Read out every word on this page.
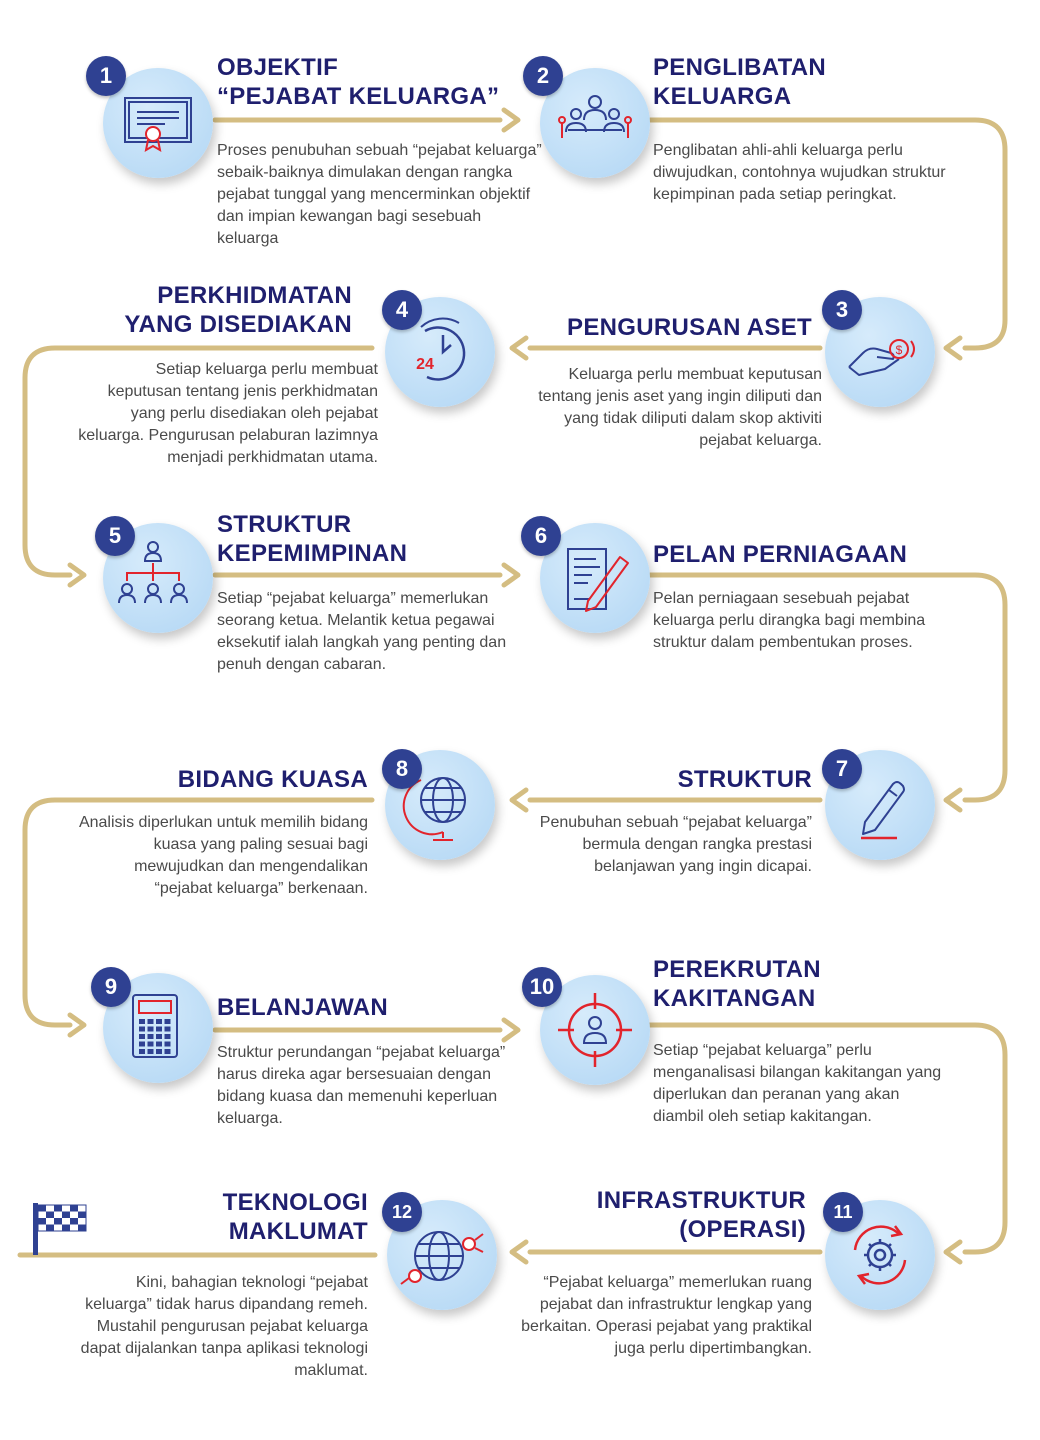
1	OBJEKTIF
“PEJABAT KELUARGA”
Proses penubuhan sebuah “pejabat keluarga” sebaik-baiknya dimulakan dengan rangka pejabat tunggal yang mencerminkan objektif dan impian kewangan bagi sesebuah keluarga
2	PENGLIBATAN
KELUARGA
Penglibatan ahli-ahli keluarga perlu diwujudkan, contohnya wujudkan struktur kepimpinan pada setiap peringkat.
$
3
PENGURUSAN ASET
Keluarga perlu membuat keputusan tentang jenis aset yang ingin diliputi dan yang tidak diliputi dalam skop aktiviti pejabat keluarga.
24
4
PERKHIDMATAN
YANG DISEDIAKAN
Setiap keluarga perlu membuat keputusan tentang jenis perkhidmatan yang perlu disediakan oleh pejabat keluarga. Pengurusan pelaburan lazimnya menjadi perkhidmatan utama.
5	STRUKTUR
KEPEMIMPINAN
Setiap “pejabat keluarga” memerlukan seorang ketua. Melantik ketua pegawai eksekutif ialah langkah yang penting dan penuh dengan cabaran.
6
PELAN PERNIAGAAN
Pelan perniagaan sesebuah pejabat keluarga perlu dirangka bagi membina struktur dalam pembentukan proses.
7
STRUKTUR
Penubuhan sebuah “pejabat keluarga” bermula dengan rangka prestasi belanjawan yang ingin dicapai.
8
BIDANG KUASA
Analisis diperlukan untuk memilih bidang kuasa yang paling sesuai bagi mewujudkan dan mengendalikan “pejabat keluarga” berkenaan.
9
BELANJAWAN
Struktur perundangan “pejabat keluarga” harus direka agar bersesuaian dengan bidang kuasa dan memenuhi keperluan keluarga.
10
PEREKRUTAN
KAKITANGAN
Setiap “pejabat keluarga” perlu menganalisasi bilangan kakitangan yang diperlukan dan peranan yang akan diambil oleh setiap kakitangan.
11
INFRASTRUKTUR
(OPERASI)
“Pejabat keluarga” memerlukan ruang pejabat dan infrastruktur lengkap yang berkaitan. Operasi pejabat yang praktikal juga perlu dipertimbangkan.
12
TEKNOLOGI
MAKLUMAT
Kini, bahagian teknologi “pejabat keluarga” tidak harus dipandang remeh. Mustahil pengurusan pejabat keluarga dapat dijalankan tanpa aplikasi teknologi maklumat.
